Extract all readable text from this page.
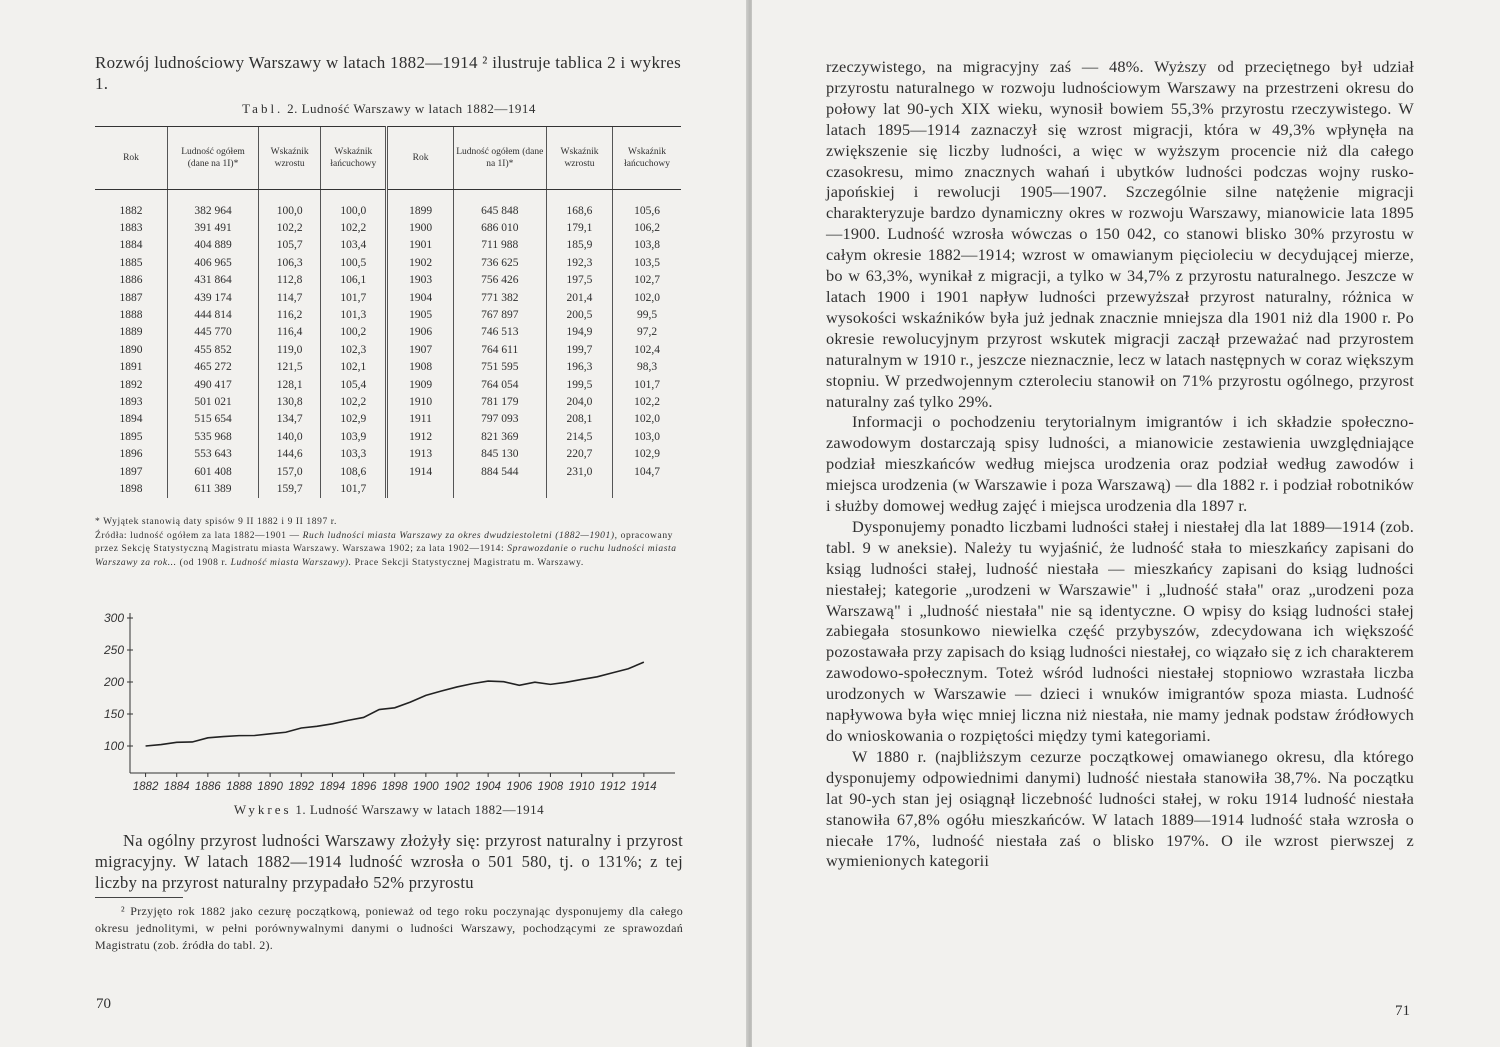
Rozwój ludnościowy Warszawy w latach 1882—1914 ² ilustruje tablica 2 i wykres 1.
Tabl. 2. Ludność Warszawy w latach 1882—1914
Rok	Ludność ogółem (dane na 1I)*	Wskaźnik wzrostu	Wskaźnik łańcuchowy	Rok	Ludność ogółem (dane na 1I)*	Wskaźnik wzrostu	Wskaźnik łańcuchowy

1882	382 964	100,0	100,0	1899	645 848	168,6	105,6
1883	391 491	102,2	102,2	1900	686 010	179,1	106,2
1884	404 889	105,7	103,4	1901	711 988	185,9	103,8
1885	406 965	106,3	100,5	1902	736 625	192,3	103,5
1886	431 864	112,8	106,1	1903	756 426	197,5	102,7
1887	439 174	114,7	101,7	1904	771 382	201,4	102,0
1888	444 814	116,2	101,3	1905	767 897	200,5	99,5
1889	445 770	116,4	100,2	1906	746 513	194,9	97,2
1890	455 852	119,0	102,3	1907	764 611	199,7	102,4
1891	465 272	121,5	102,1	1908	751 595	196,3	98,3
1892	490 417	128,1	105,4	1909	764 054	199,5	101,7
1893	501 021	130,8	102,2	1910	781 179	204,0	102,2
1894	515 654	134,7	102,9	1911	797 093	208,1	102,0
1895	535 968	140,0	103,9	1912	821 369	214,5	103,0
1896	553 643	144,6	103,3	1913	845 130	220,7	102,9
1897	601 408	157,0	108,6	1914	884 544	231,0	104,7
1898	611 389	159,7	101,7				
* Wyjątek stanowią daty spisów 9 II 1882 i 9 II 1897 r.
Źródła: ludność ogółem za lata 1882—1901 — Ruch ludności miasta Warszawy za okres dwudziestoletni (1882—1901), opracowany przez Sekcję Statystyczną Magistratu miasta Warszawy. Warszawa 1902; za lata 1902—1914: Sprawozdanie o ruchu ludności miasta Warszawy za rok... (od 1908 r. Ludność miasta Warszawy). Prace Sekcji Statystycznej Magistratu m. Warszawy.
100
150
200
250
300
1882 1884 1886 1888 1890 1892 1894 1896 1898 1900 1902 1904 1906 1908 1910 1912 1914
Wykres 1. Ludność Warszawy w latach 1882—1914

Na ogólny przyrost ludności Warszawy złożyły się: przyrost naturalny i przyrost migracyjny. W latach 1882—1914 ludność wzrosła o 501 580, tj. o 131%; z tej liczby na przyrost naturalny przypadało 52% przyrostu

² Przyjęto rok 1882 jako cezurę początkową, ponieważ od tego roku poczynając dysponujemy dla całego okresu jednolitymi, w pełni porównywalnymi danymi o ludności Warszawy, pochodzącymi ze sprawozdań Magistratu (zob. źródła do tabl. 2).
70

rzeczywistego, na migracyjny zaś — 48%. Wyższy od przeciętnego był udział przyrostu naturalnego w rozwoju ludnościowym Warszawy na przestrzeni okresu do połowy lat 90-ych XIX wieku, wynosił bowiem 55,3% przyrostu rzeczywistego. W latach 1895—1914 zaznaczył się wzrost migracji, która w 49,3% wpłynęła na zwiększenie się liczby ludności, a więc w wyższym procencie niż dla całego czasokresu, mimo znacznych wahań i ubytków ludności podczas wojny rusko-japońskiej i rewolucji 1905—1907. Szczególnie silne natężenie migracji charakteryzuje bardzo dynamiczny okres w rozwoju Warszawy, mianowicie lata 1895—1900. Ludność wzrosła wówczas o 150 042, co stanowi blisko 30% przyrostu w całym okresie 1882—1914; wzrost w omawianym pięcioleciu w decydującej mierze, bo w 63,3%, wynikał z migracji, a tylko w 34,7% z przyrostu naturalnego. Jeszcze w latach 1900 i 1901 napływ ludności przewyższał przyrost naturalny, różnica w wysokości wskaźników była już jednak znacznie mniejsza dla 1901 niż dla 1900 r. Po okresie rewolucyjnym przyrost wskutek migracji zaczął przeważać nad przyrostem naturalnym w 1910 r., jeszcze nieznacznie, lecz w latach następnych w coraz większym stopniu. W przedwojennym czteroleciu stanowił on 71% przyrostu ogólnego, przyrost naturalny zaś tylko 29%.

Informacji o pochodzeniu terytorialnym imigrantów i ich składzie społeczno-zawodowym dostarczają spisy ludności, a mianowicie zestawienia uwzględniające podział mieszkańców według miejsca urodzenia oraz podział według zawodów i miejsca urodzenia (w Warszawie i poza Warszawą) — dla 1882 r. i podział robotników i służby domowej według zajęć i miejsca urodzenia dla 1897 r.

Dysponujemy ponadto liczbami ludności stałej i niestałej dla lat 1889—1914 (zob. tabl. 9 w aneksie). Należy tu wyjaśnić, że ludność stała to mieszkańcy zapisani do ksiąg ludności stałej, ludność niestała — mieszkańcy zapisani do ksiąg ludności niestałej; kategorie „urodzeni w Warszawie" i „ludność stała" oraz „urodzeni poza Warszawą" i „ludność niestała" nie są identyczne. O wpisy do ksiąg ludności stałej zabiegała stosunkowo niewielka część przybyszów, zdecydowana ich większość pozostawała przy zapisach do ksiąg ludności niestałej, co wiązało się z ich charakterem zawodowo-społecznym. Toteż wśród ludności niestałej stopniowo wzrastała liczba urodzonych w Warszawie — dzieci i wnuków imigrantów spoza miasta. Ludność napływowa była więc mniej liczna niż niestała, nie mamy jednak podstaw źródłowych do wnioskowania o rozpiętości między tymi kategoriami.

W 1880 r. (najbliższym cezurze początkowej omawianego okresu, dla którego dysponujemy odpowiednimi danymi) ludność niestała stanowiła 38,7%. Na początku lat 90-ych stan jej osiągnął liczebność ludności stałej, w roku 1914 ludność niestała stanowiła 67,8% ogółu mieszkańców. W latach 1889—1914 ludność stała wzrosła o niecałe 17%, ludność niestała zaś o blisko 197%. O ile wzrost pierwszej z wymienionych kategorii

71
